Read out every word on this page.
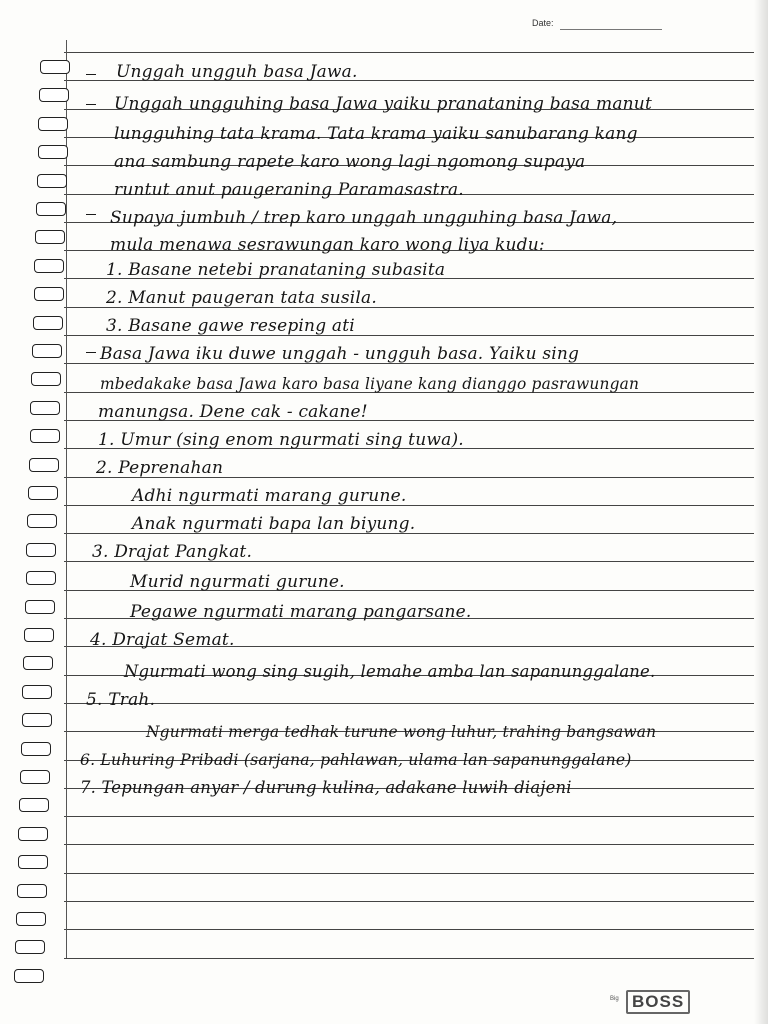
Date:
Unggah ungguh basa Jawa.
Unggah ungguhing basa Jawa yaiku pranataning basa manut
lungguhing tata krama. Tata krama yaiku sanubarang kang
ana sambung rapete karo wong lagi ngomong supaya
runtut anut paugeraning Paramasastra.
Supaya jumbuh / trep karo unggah ungguhing basa Jawa,
mula menawa sesrawungan karo wong liya kudu:
1. Basane netebi pranataning subasita
2. Manut paugeran tata susila.
3. Basane gawe reseping ati
Basa Jawa iku duwe unggah - ungguh basa. Yaiku sing
mbedakake basa Jawa karo basa liyane kang dianggo pasrawungan
manungsa. Dene cak - cakane!
1. Umur (sing enom ngurmati sing tuwa).
2. Peprenahan
Adhi ngurmati marang gurune.
Anak ngurmati bapa lan biyung.
3. Drajat Pangkat.
Murid ngurmati gurune.
Pegawe ngurmati marang pangarsane.
4. Drajat Semat.
Ngurmati wong sing sugih, lemahe amba lan sapanunggalane.
5. Trah.
Ngurmati merga tedhak turune wong luhur, trahing bangsawan
6. Luhuring Pribadi (sarjana, pahlawan, ulama lan sapanunggalane)
7. Tepungan anyar / durung kulina, adakane luwih diajeni
Big BOSS
